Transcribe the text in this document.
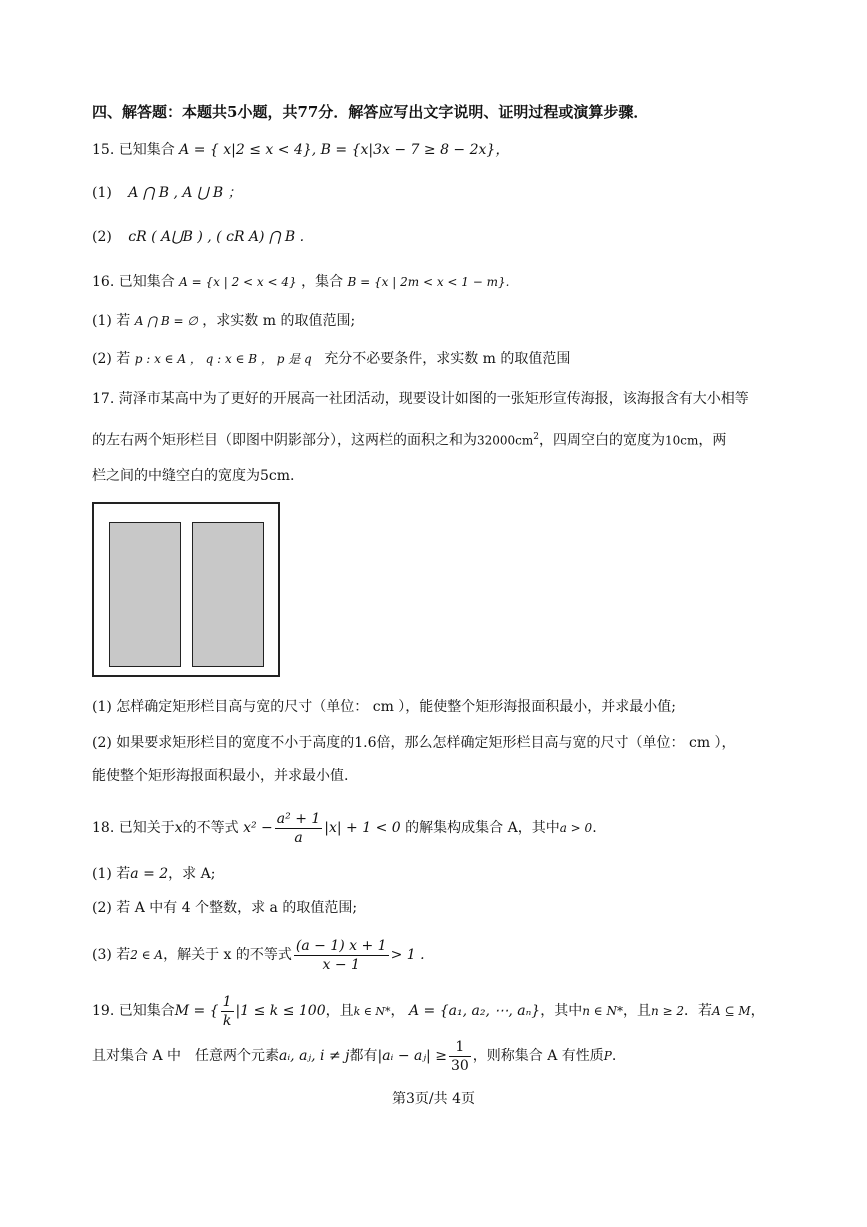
四、解答题：本题共5小题，共77分．解答应写出文字说明、证明过程或演算步骤．
15. 已知集合 A = { x|2 ≤ x < 4}, B = {x|3x − 7 ≥ 8 − 2x}，
(1) A ⋂ B , A ⋃ B ；
(2) ᴄR ( A⋃B ) , ( ᴄR A) ⋂ B .
16. 已知集合 A = {x | 2 < x < 4} ，集合 B = {x | 2m < x < 1 − m}.
(1) 若 A ⋂ B = ∅ ，求实数 m 的取值范围;
(2) 若 p : x ∈ A ， q : x ∈ B ， p 是 q 充分不必要条件，求实数 m 的取值范围
17. 菏泽市某高中为了更好的开展高一社团活动，现要设计如图的一张矩形宣传海报，该海报含有大小相等
的左右两个矩形栏目（即图中阴影部分），这两栏的面积之和为$32000cm^2$，四周空白的宽度为10cm，两
栏之间的中缝空白的宽度为5cm.
(1) 怎样确定矩形栏目高与宽的尺寸（单位： cm ），能使整个矩形海报面积最小，并求最小值;
(2) 如果要求矩形栏目的宽度不小于高度的1.6倍，那么怎样确定矩形栏目高与宽的尺寸（单位： cm ），
能使整个矩形海报面积最小，并求最小值.
18. 已知关于x的不等式 $x^2 - \frac{\text{a² + 1}}{a} |x| + 1 < 0$ 的解集构成集合 A，其中a > 0.
(1) 若a = 2，求 A;
(2) 若 A 中有 4 个整数，求 a 的取值范围;
(3) 若2 ∈ A，解关于 x 的不等式 $\frac{(a - 1) x + 1}{x - 1} > 1$ .
19. 已知集合M = { $\frac{1}{k} |1 \le k \le 100$，且k ∈ N*， A = {a₁, a₂, ⋯, aₙ}，其中n ∈ N*，且n ≥ 2．若A ⊆ M，
且对集合 A 中　任意两个元素aᵢ, aⱼ, i ≠ j都有|aᵢ − aⱼ| ≥ $\frac{1}{30}$ ，则称集合 A 有性质P.
第3页/共 4页
